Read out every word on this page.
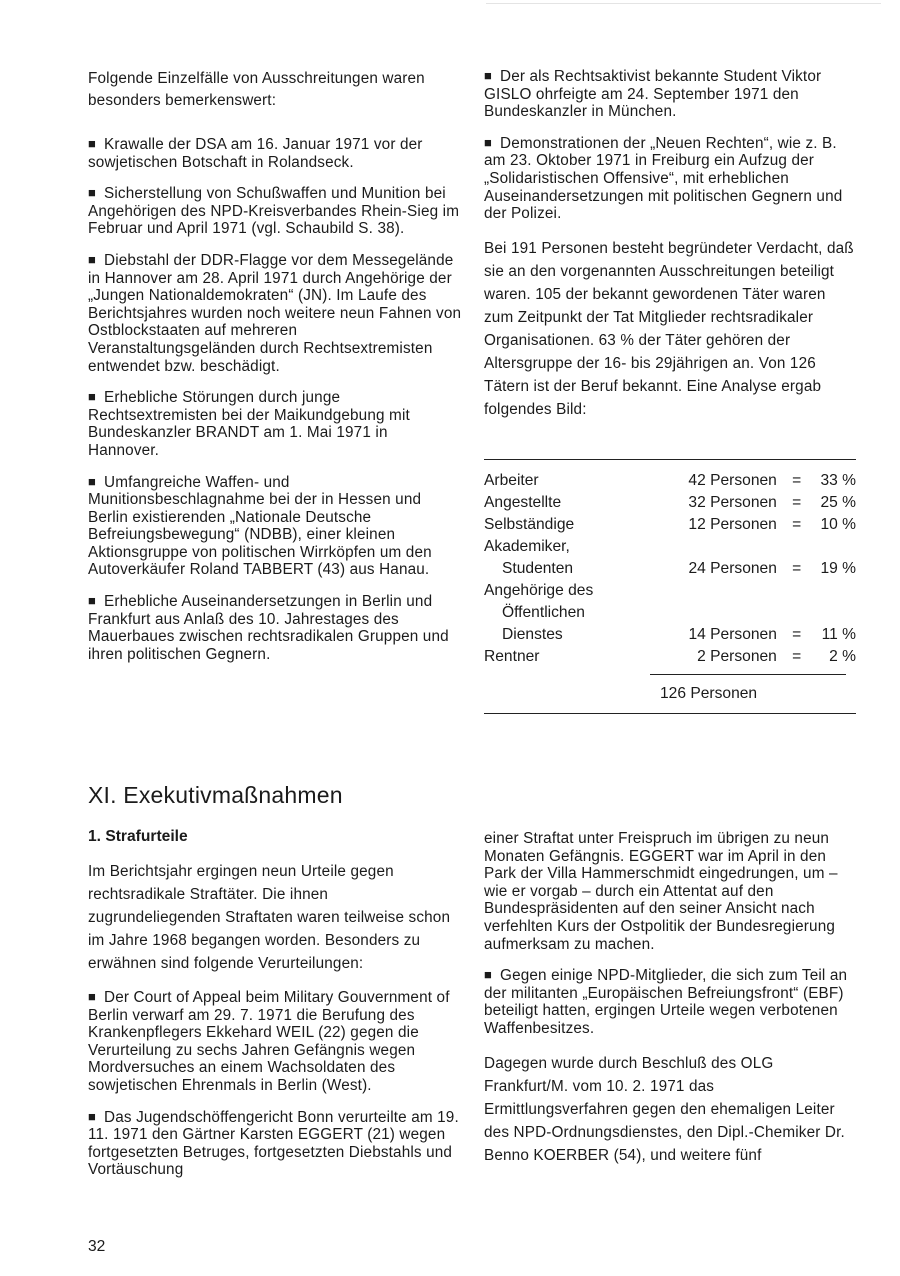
Folgende Einzelfälle von Ausschreitungen waren besonders bemerkenswert:

■ Krawalle der DSA am 16. Januar 1971 vor der sowjetischen Botschaft in Rolandseck.

■ Sicherstellung von Schußwaffen und Munition bei Angehörigen des NPD-Kreisverbandes Rhein-Sieg im Februar und April 1971 (vgl. Schaubild S. 38).

■ Diebstahl der DDR-Flagge vor dem Messegelände in Hannover am 28. April 1971 durch Angehörige der „Jungen Nationaldemokraten“ (JN). Im Laufe des Berichtsjahres wurden noch weitere neun Fahnen von Ostblockstaaten auf mehreren Veranstaltungsgeländen durch Rechtsextremisten entwendet bzw. beschädigt.

■ Erhebliche Störungen durch junge Rechtsextremisten bei der Maikundgebung mit Bundeskanzler BRANDT am 1. Mai 1971 in Hannover.

■ Umfangreiche Waffen- und Munitionsbeschlagnahme bei der in Hessen und Berlin existierenden „Nationale Deutsche Befreiungsbewegung“ (NDBB), einer kleinen Aktionsgruppe von politischen Wirrköpfen um den Autoverkäufer Roland TABBERT (43) aus Hanau.

■ Erhebliche Auseinandersetzungen in Berlin und Frankfurt aus Anlaß des 10. Jahrestages des Mauerbaues zwischen rechtsradikalen Gruppen und ihren politischen Gegnern.

■ Der als Rechtsaktivist bekannte Student Viktor GISLO ohrfeigte am 24. September 1971 den Bundeskanzler in München.

■ Demonstrationen der „Neuen Rechten“, wie z. B. am 23. Oktober 1971 in Freiburg ein Aufzug der „Solidaristischen Offensive“, mit erheblichen Auseinandersetzungen mit politischen Gegnern und der Polizei.

Bei 191 Personen besteht begründeter Verdacht, daß sie an den vorgenannten Ausschreitungen beteiligt waren. 105 der bekannt gewordenen Täter waren zum Zeitpunkt der Tat Mitglieder rechtsradikaler Organisationen. 63 % der Täter gehören der Altersgruppe der 16- bis 29jährigen an. Von 126 Tätern ist der Beruf bekannt. Eine Analyse ergab folgendes Bild:

Arbeiter	42 Personen =	33 %
Angestellte	32 Personen =	25 %
Selbständige	12 Personen =	10 %
Akademiker,
Studenten	24 Personen =	19 %
Angehörige des
Öffentlichen
Dienstes	14 Personen =	11 %
Rentner	2 Personen =	2 %
126 Personen
XI. Exekutivmaßnahmen

1. Strafurteile

Im Berichtsjahr ergingen neun Urteile gegen rechtsradikale Straftäter. Die ihnen zugrundeliegenden Straftaten waren teilweise schon im Jahre 1968 begangen worden. Besonders zu erwähnen sind folgende Verurteilungen:

■ Der Court of Appeal beim Military Gouvernment of Berlin verwarf am 29. 7. 1971 die Berufung des Krankenpflegers Ekkehard WEIL (22) gegen die Verurteilung zu sechs Jahren Gefängnis wegen Mordversuches an einem Wachsoldaten des sowjetischen Ehrenmals in Berlin (West).

■ Das Jugendschöffengericht Bonn verurteilte am 19. 11. 1971 den Gärtner Karsten EGGERT (21) wegen fortgesetzten Betruges, fortgesetzten Diebstahls und Vortäuschung

einer Straftat unter Freispruch im übrigen zu neun Monaten Gefängnis. EGGERT war im April in den Park der Villa Hammerschmidt eingedrungen, um – wie er vorgab – durch ein Attentat auf den Bundespräsidenten auf den seiner Ansicht nach verfehlten Kurs der Ostpolitik der Bundesregierung aufmerksam zu machen.

■ Gegen einige NPD-Mitglieder, die sich zum Teil an der militanten „Europäischen Befreiungsfront“ (EBF) beteiligt hatten, ergingen Urteile wegen verbotenen Waffenbesitzes.

Dagegen wurde durch Beschluß des OLG Frankfurt/M. vom 10. 2. 1971 das Ermittlungsverfahren gegen den ehemaligen Leiter des NPD-Ordnungsdienstes, den Dipl.-Chemiker Dr. Benno KOERBER (54), und weitere fünf

32
